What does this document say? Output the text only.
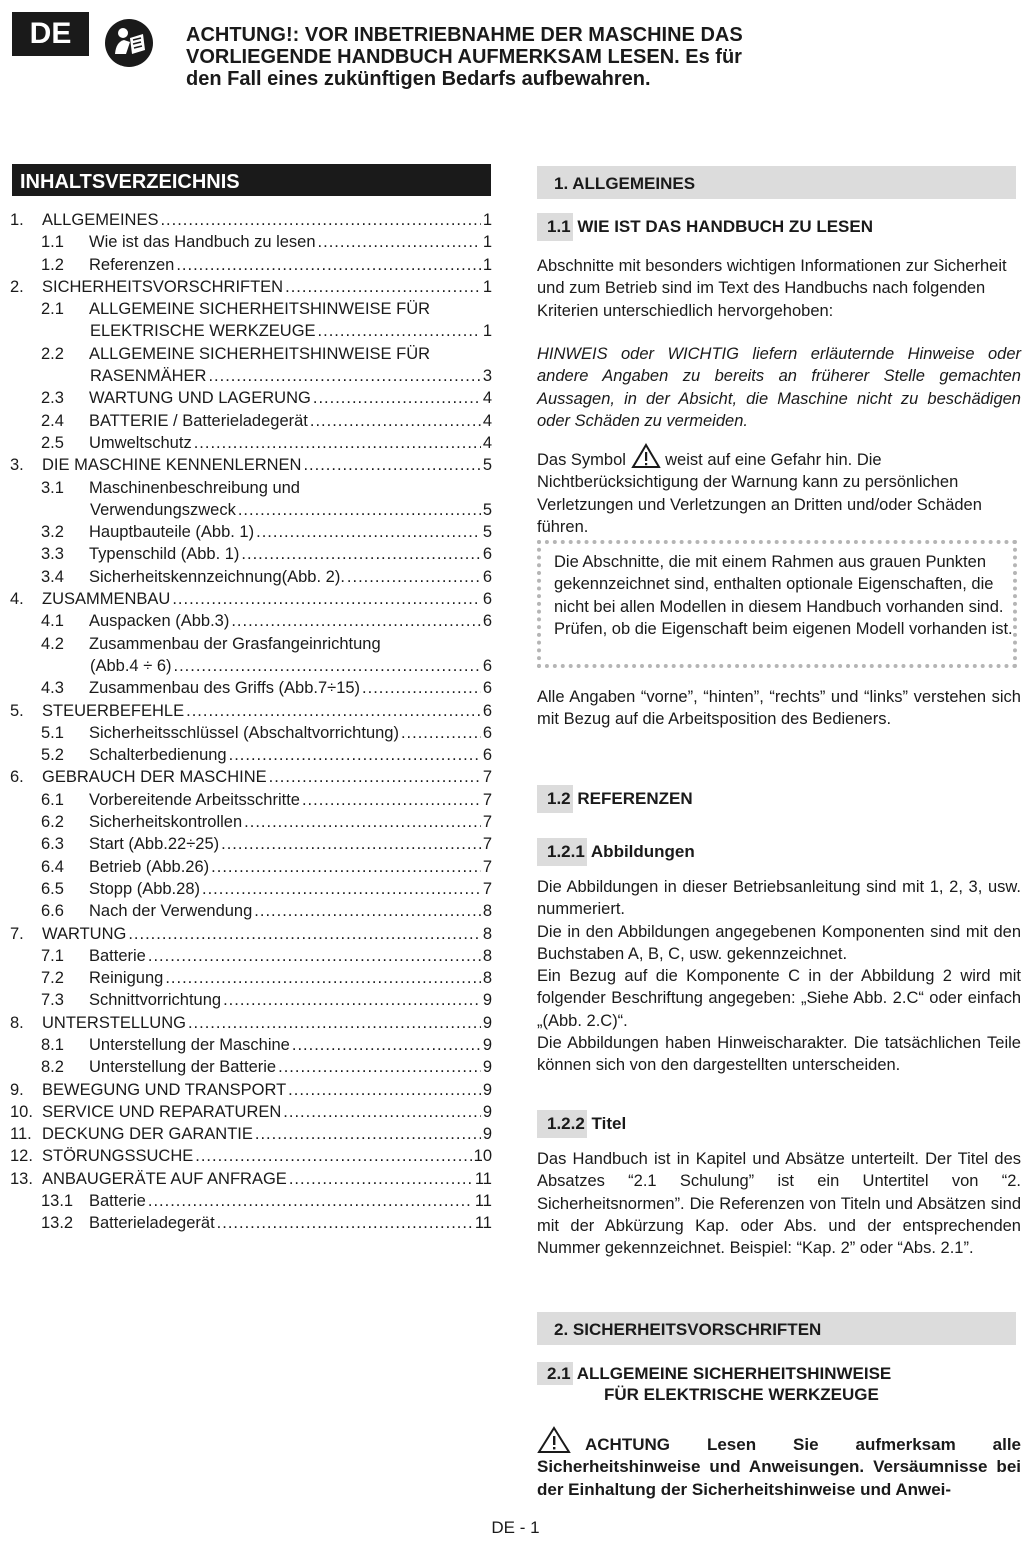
DE	ACHTUNG!: VOR INBETRIEBNAHME DER MASCHINE DAS
VORLIEGENDE HANDBUCH AUFMERKSAM LESEN. Es für
den Fall eines zukünftigen Bedarfs aufbewahren.
INHALTSVERZEICHNIS
1.	ALLGEMEINES .....	1
1.1	Wie ist das Handbuch zu lesen .....	1
1.2	Referenzen .....	1
2.	SICHERHEITSVORSCHRIFTEN .....	1
2.1	ALLGEMEINE SICHERHEITSHINWEISE FÜR
ELEKTRISCHE WERKZEUGE .....	1
2.2	ALLGEMEINE SICHERHEITSHINWEISE FÜR
RASENMÄHER .....	3
2.3	WARTUNG UND LAGERUNG .....	4
2.4	BATTERIE / Batterieladegerät .....	4
2.5	Umweltschutz .....	4
3.	DIE MASCHINE KENNENLERNEN .....	5
3.1	Maschinenbeschreibung und
Verwendungszweck .....	5
3.2	Hauptbauteile (Abb. 1) .....	5
3.3	Typenschild (Abb. 1) .....	6
3.4	Sicherheitskennzeichnung(Abb. 2). .....	6
4.	ZUSAMMENBAU .....	6
4.1	Auspacken (Abb.3) .....	6
4.2	Zusammenbau der Grasfangeinrichtung
(Abb.4 ÷ 6) .....	6
4.3	Zusammenbau des Griffs (Abb.7÷15) .....	6
5.	STEUERBEFEHLE .....	6
5.1	Sicherheitsschlüssel (Abschaltvorrichtung) .....	6
5.2	Schalterbedienung .....	6
6.	GEBRAUCH DER MASCHINE .....	7
6.1	Vorbereitende Arbeitsschritte .....	7
6.2	Sicherheitskontrollen .....	7
6.3	Start (Abb.22÷25) .....	7
6.4	Betrieb (Abb.26) .....	7
6.5	Stopp (Abb.28) .....	7
6.6	Nach der Verwendung .....	8
7.	WARTUNG .....	8
7.1	Batterie .....	8
7.2	Reinigung .....	8
7.3	Schnittvorrichtung .....	9
8.	UNTERSTELLUNG .....	9
8.1	Unterstellung der Maschine .....	9
8.2	Unterstellung der Batterie .....	9
9.	BEWEGUNG UND TRANSPORT .....	9
10. SERVICE UND REPARATUREN .....	9
11. DECKUNG DER GARANTIE .....	9
12. STÖRUNGSSUCHE .....	10
13. ANBAUGERÄTE AUF ANFRAGE .....	11
13.1 Batterie .....	11
13.2 Batterieladegerät .....	11
1. ALLGEMEINES
1.1 WIE IST DAS HANDBUCH ZU LESEN
Abschnitte mit besonders wichtigen Informationen zur Sicherheit und zum Betrieb sind im Text des Handbuchs nach folgenden Kriterien unterschiedlich hervorgehoben:
HINWEIS oder WICHTIG liefern erläuternde Hinweise oder andere Angaben zu bereits an früherer Stelle gemachten Aussagen, in der Absicht, die Maschine nicht zu beschädigen oder Schäden zu vermeiden.
Das Symbol weist auf eine Gefahr hin. Die Nichtberücksichtigung der Warnung kann zu persönlichen Verletzungen und Verletzungen an Dritten und/oder Schäden führen.
Die Abschnitte, die mit einem Rahmen aus grauen Punkten gekennzeichnet sind, enthalten optionale Eigenschaften, die nicht bei allen Modellen in diesem Handbuch vorhanden sind. Prüfen, ob die Eigenschaft beim eigenen Modell vorhanden ist.
Alle Angaben “vorne”, “hinten”, “rechts” und “links” verstehen sich mit Bezug auf die Arbeitsposition des Bedieners.
1.2 REFERENZEN
1.2.1 Abbildungen
Die Abbildungen in dieser Betriebsanleitung sind mit 1, 2, 3, usw. nummeriert.
Die in den Abbildungen angegebenen Komponenten sind mit den Buchstaben A, B, C, usw. gekennzeichnet.
Ein Bezug auf die Komponente C in der Abbildung 2 wird mit folgender Beschriftung angegeben: „Siehe Abb. 2.C“ oder einfach „(Abb. 2.C)“.
Die Abbildungen haben Hinweischarakter. Die tatsächlichen Teile können sich von den dargestellten unterscheiden.
1.2.2 Titel
Das Handbuch ist in Kapitel und Absätze unterteilt. Der Titel des Absatzes “2.1 Schulung” ist ein Untertitel von “2. Sicherheitsnormen”. Die Referenzen von Titeln und Absätzen sind mit der Abkürzung Kap. oder Abs. und der entsprechenden Nummer gekennzeichnet. Beispiel: “Kap. 2” oder “Abs. 2.1”.
2. SICHERHEITSVORSCHRIFTEN
2.1 ALLGEMEINE SICHERHEITSHINWEISE
FÜR ELEKTRISCHE WERKZEUGE
ACHTUNG Lesen Sie aufmerksam alle Sicherheitshinweise und Anweisungen. Versäumnisse bei der Einhaltung der Sicherheitshinweise und Anwei-
DE - 1
